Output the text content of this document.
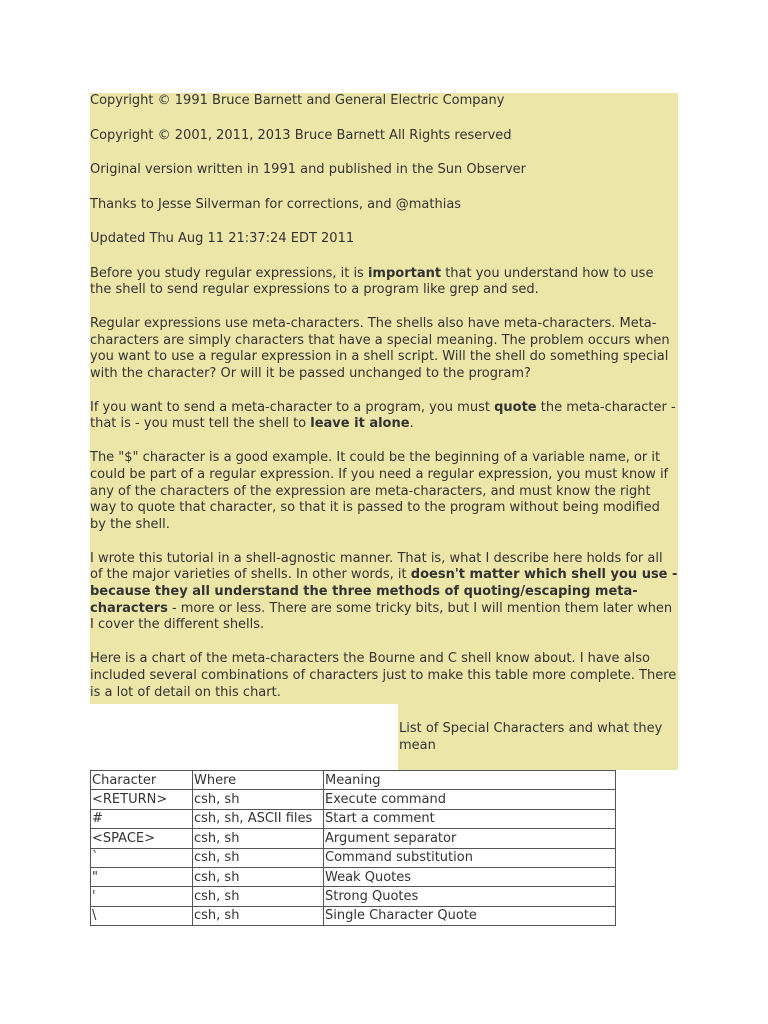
Copyright © 1991 Bruce Barnett and General Electric Company

Copyright © 2001, 2011, 2013 Bruce Barnett All Rights reserved

Original version written in 1991 and published in the Sun Observer

Thanks to Jesse Silverman for corrections, and @mathias

Updated Thu Aug 11 21:37:24 EDT 2011

Before you study regular expressions, it is important that you understand how to use the shell to send regular expressions to a program like grep and sed.

Regular expressions use meta-characters. The shells also have meta-characters. Meta-characters are simply characters that have a special meaning. The problem occurs when you want to use a regular expression in a shell script. Will the shell do something special with the character? Or will it be passed unchanged to the program?

If you want to send a meta-character to a program, you must quote the meta-character - that is - you must tell the shell to leave it alone.

The "$" character is a good example. It could be the beginning of a variable name, or it could be part of a regular expression. If you need a regular expression, you must know if any of the characters of the expression are meta-characters, and must know the right way to quote that character, so that it is passed to the program without being modified by the shell.

I wrote this tutorial in a shell-agnostic manner. That is, what I describe here holds for all of the major varieties of shells. In other words, it doesn't matter which shell you use - because they all understand the three methods of quoting/escaping meta-characters - more or less. There are some tricky bits, but I will mention them later when I cover the different shells.

Here is a chart of the meta-characters the Bourne and C shell know about. I have also included several combinations of characters just to make this table more complete. There is a lot of detail on this chart.

List of Special Characters and what they mean
Character	Where	Meaning
<RETURN>	csh, sh	Execute command
#	csh, sh, ASCII files	Start a comment
<SPACE>	csh, sh	Argument separator
`	csh, sh	Command substitution
"	csh, sh	Weak Quotes
'	csh, sh	Strong Quotes
\	csh, sh	Single Character Quote
